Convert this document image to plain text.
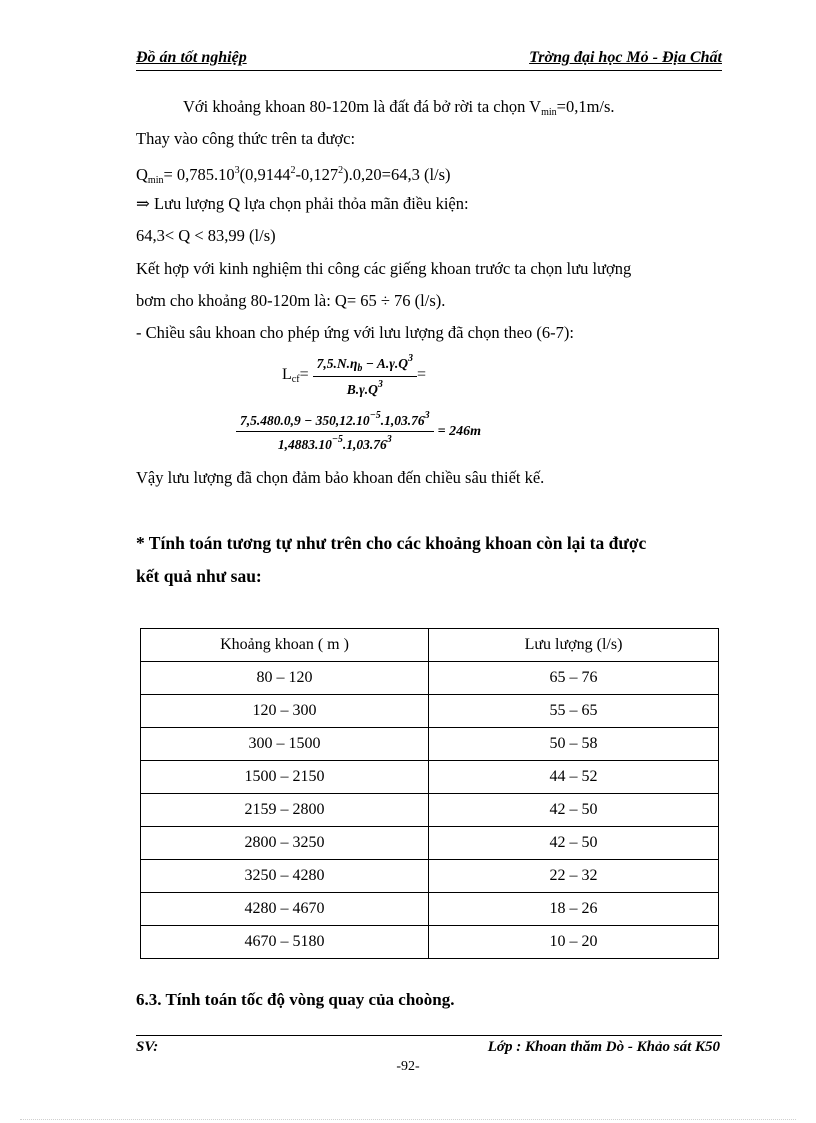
Đồ án tốt nghiệp	Trờng đại học Mỏ - Địa Chất
Với khoảng khoan 80-120m là đất đá bở rời ta chọn $V_{min}=0,1m/s$.
Thay vào công thức trên ta được:
$Q_{min}= 0,785.10^3(0,9144^2-0,127^2).0,20=64,3$ (l/s)
⇒ Lưu lượng Q lựa chọn phải thỏa mãn điều kiện:
64,3< Q < 83,99 (l/s)
Kết hợp với kinh nghiệm thi công các giếng khoan trước ta chọn lưu lượng
bơm cho khoảng 80-120m là: Q= 65 ÷ 76 (l/s).
- Chiều sâu khoan cho phép ứng với lưu lượng đã chọn theo (6-7):
$L_{cf}= \frac{7,5.N.\eta_b - A.\gamma.Q^3}{B.\gamma.Q^3}$ =
$\frac{7,5.480.0,9 - 350,12.10^{-5}.1,03.76^3}{1,4883.10^{-5}.1,03.76^3} = 246m$
Vậy lưu lượng đã chọn đảm bảo khoan đến chiều sâu thiết kế.
* Tính toán tương tự như trên cho các khoảng khoan còn lại ta được
kết quả như sau:
Khoảng khoan ( m )	Lưu lượng (l/s)
80 – 120	65 – 76
120 – 300	55 – 65
300 – 1500	50 – 58
1500 – 2150	44 – 52
2159 – 2800	42 – 50
2800 – 3250	42 – 50
3250 – 4280	22 – 32
4280 – 4670	18 – 26
4670 – 5180	10 – 20
6.3. Tính toán tốc độ vòng quay của choòng.
SV:	Lớp : Khoan thăm Dò - Khảo sát K50
-92-
